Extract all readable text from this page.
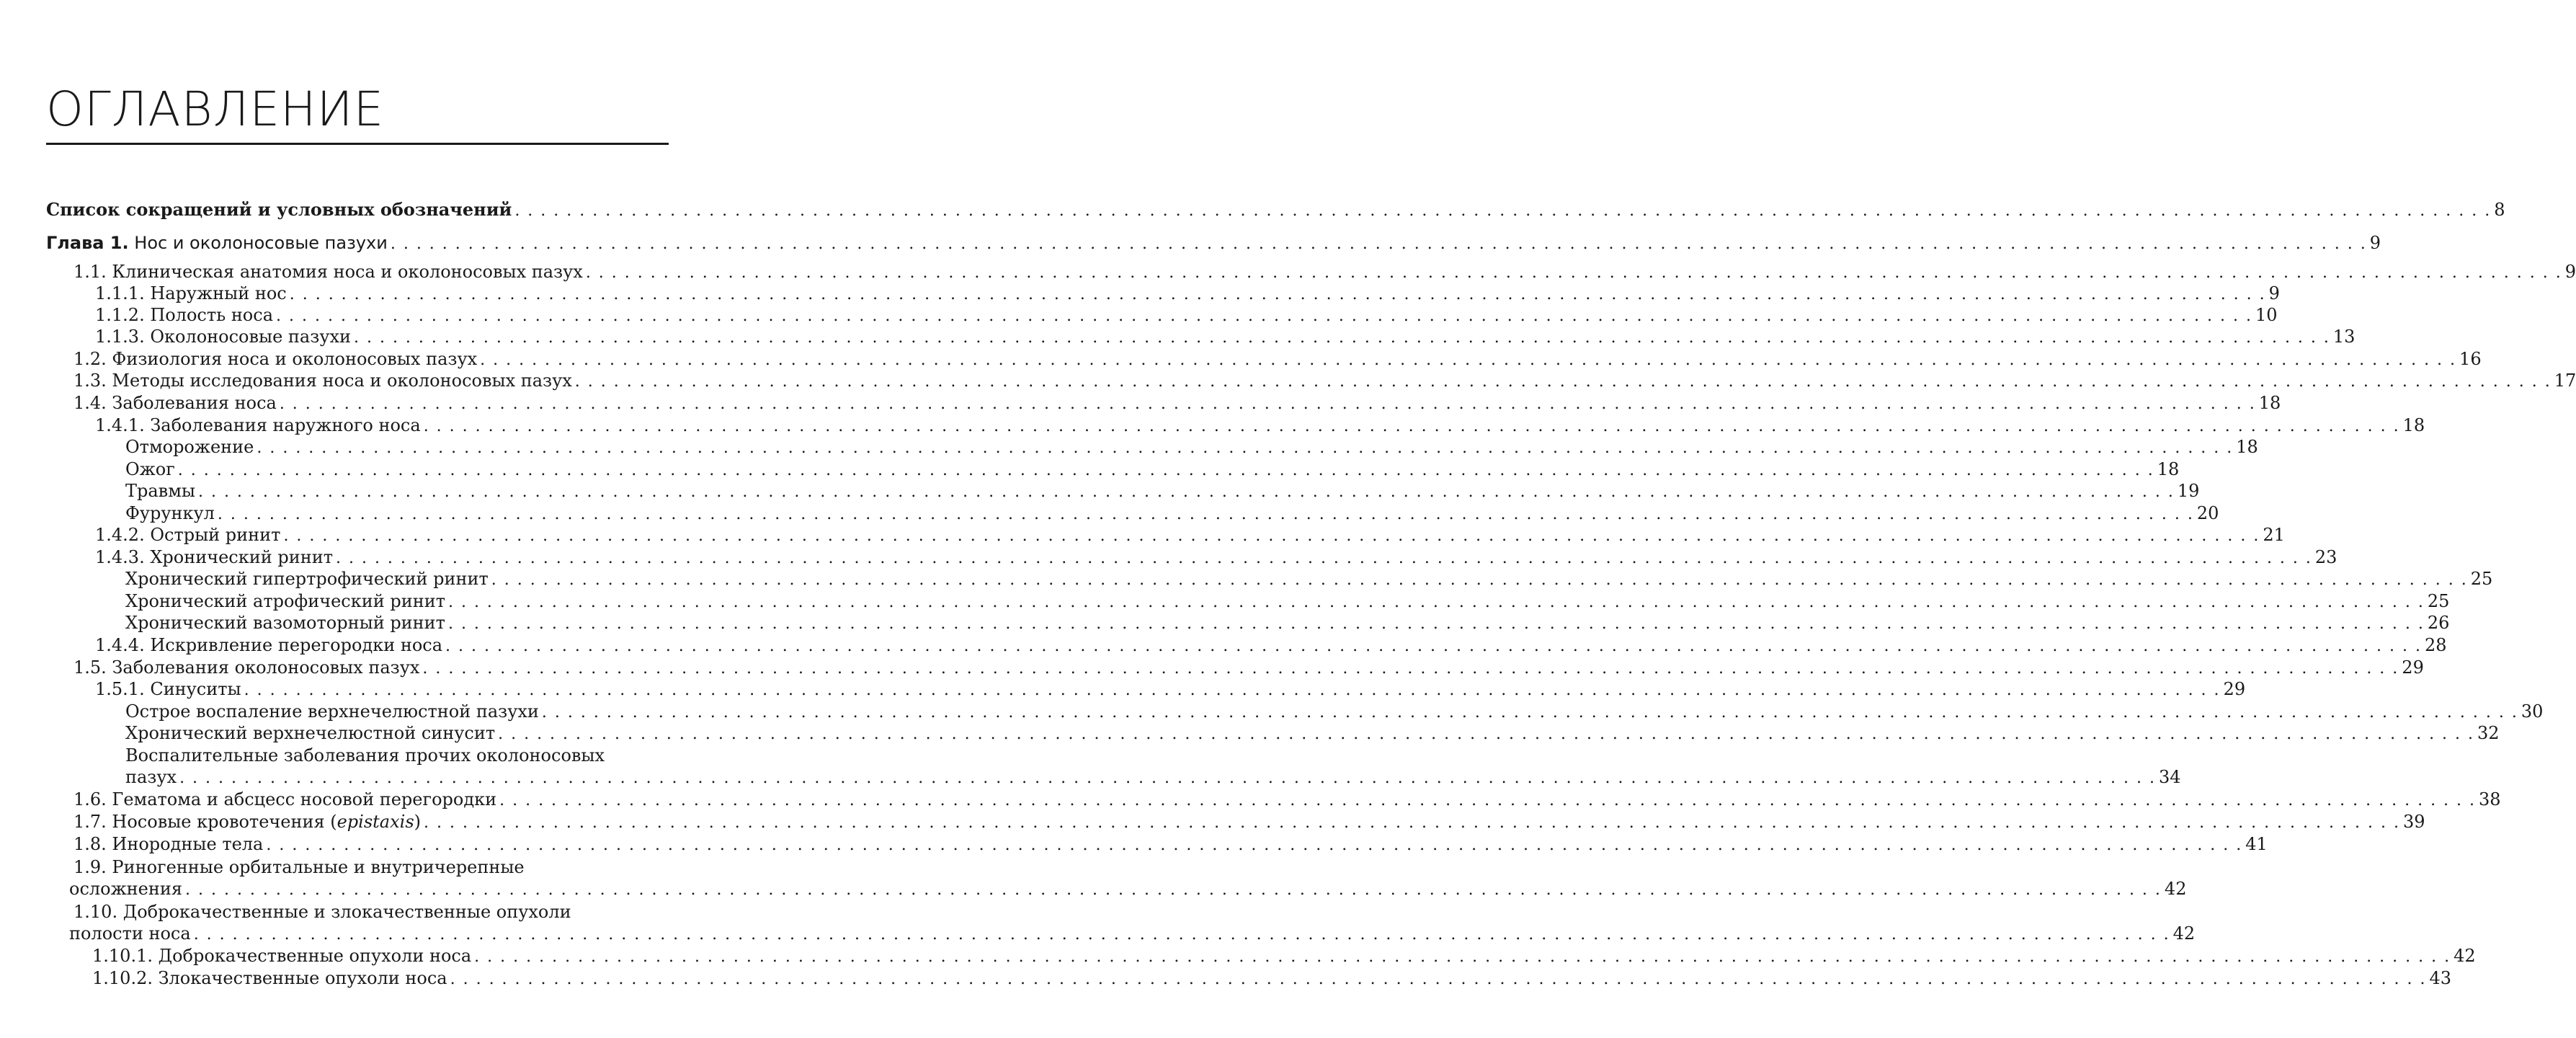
ОГЛАВЛЕНИЕ
Список сокращений и условных обозначений . . .	8
Глава 1. Нос и околоносовые пазухи . . .	9
1.1. Клиническая анатомия носа и околоносовых пазух . . .	9
1.1.1. Наружный нос . . .	9
1.1.2. Полость носа . . .	10
1.1.3. Околоносовые пазухи . . .	13
1.2. Физиология носа и околоносовых пазух . . .	16
1.3. Методы исследования носа и околоносовых пазух . . .	17
1.4. Заболевания носа . . .	18
1.4.1. Заболевания наружного носа . . .	18
Отморожение . . .	18
Ожог . . .	18
Травмы . . .	19
Фурункул . . .	20
1.4.2. Острый ринит . . .	21
1.4.3. Хронический ринит . . .	23
Хронический гипертрофический ринит . . .	25
Хронический атрофический ринит . . .	25
Хронический вазомоторный ринит . . .	26
1.4.4. Искривление перегородки носа . . .	28
1.5. Заболевания околоносовых пазух . . .	29
1.5.1. Синуситы . . .	29
Острое воспаление верхнечелюстной пазухи . . .	30
Хронический верхнечелюстной синусит . . .	32
Воспалительные заболевания прочих околоносовых
пазух . . .	34
1.6. Гематома и абсцесс носовой перегородки . . .	38
1.7. Носовые кровотечения (epistaxis) . . .	39
1.8. Инородные тела . . .	41
1.9. Риногенные орбитальные и внутричерепные
осложнения . . .	42
1.10. Доброкачественные и злокачественные опухоли
полости носа . . .	42
1.10.1. Доброкачественные опухоли носа . . .	42
1.10.2. Злокачественные опухоли носа . . .	43
